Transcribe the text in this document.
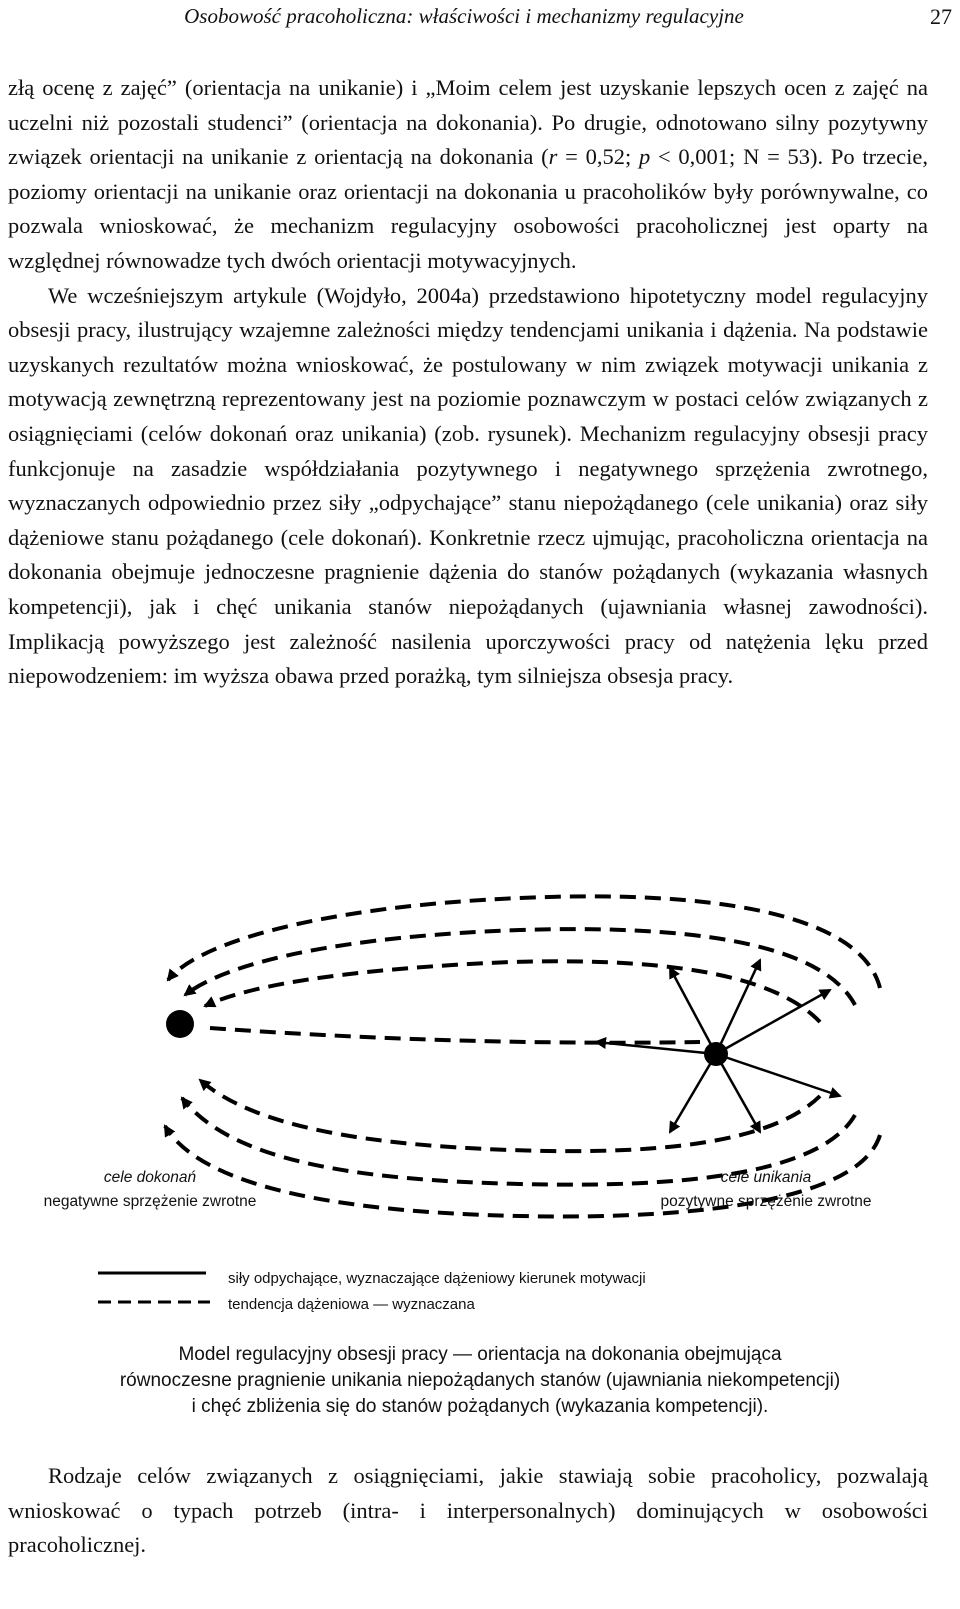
Osobowość pracoholiczna: właściwości i mechanizmy regulacyjne	27

złą ocenę z zajęć” (orientacja na unikanie) i „Moim celem jest uzyskanie lepszych ocen z zajęć na uczelni niż pozostali studenci” (orientacja na dokonania). Po drugie, odnotowano silny pozytywny związek orientacji na unikanie z orientacją na dokonania (r = 0,52; p < 0,001; N = 53). Po trzecie, poziomy orientacji na unikanie oraz orientacji na dokonania u pracoholików były porównywalne, co pozwala wnioskować, że mechanizm regulacyjny osobowości pracoholicznej jest oparty na względnej równowadze tych dwóch orientacji motywacyjnych.

We wcześniejszym artykule (Wojdyło, 2004a) przedstawiono hipotetyczny model regulacyjny obsesji pracy, ilustrujący wzajemne zależności między tendencjami unikania i dążenia. Na podstawie uzyskanych rezultatów można wnioskować, że postulowany w nim związek motywacji unikania z motywacją zewnętrzną reprezentowany jest na poziomie poznawczym w postaci celów związanych z osiągnięciami (celów dokonań oraz unikania) (zob. rysunek). Mechanizm regulacyjny obsesji pracy funkcjonuje na zasadzie współdziałania pozytywnego i negatywnego sprzężenia zwrotnego, wyznaczanych odpowiednio przez siły „odpychające” stanu niepożądanego (cele unikania) oraz siły dążeniowe stanu pożądanego (cele dokonań). Konkretnie rzecz ujmując, pracoholiczna orientacja na dokonania obejmuje jednoczesne pragnienie dążenia do stanów pożądanych (wykazania własnych kompetencji), jak i chęć unikania stanów niepożądanych (ujawniania własnej zawodności). Implikacją powyższego jest zależność nasilenia uporczywości pracy od natężenia lęku przed niepowodzeniem: im wyższa obawa przed porażką, tym silniejsza obsesja pracy.

cele dokonań
negatywne sprzężenie zwrotne
cele unikania
pozytywne sprzężenie zwrotne
siły odpychające, wyznaczające dążeniowy kierunek motywacji
tendencja dążeniowa — wyznaczana
Model regulacyjny obsesji pracy — orientacja na dokonania obejmująca
równoczesne pragnienie unikania niepożądanych stanów (ujawniania niekompetencji)
i chęć zbliżenia się do stanów pożądanych (wykazania kompetencji).

Rodzaje celów związanych z osiągnięciami, jakie stawiają sobie pracoholicy, pozwalają wnioskować o typach potrzeb (intra- i interpersonalnych) dominujących w osobowości pracoholicznej.
